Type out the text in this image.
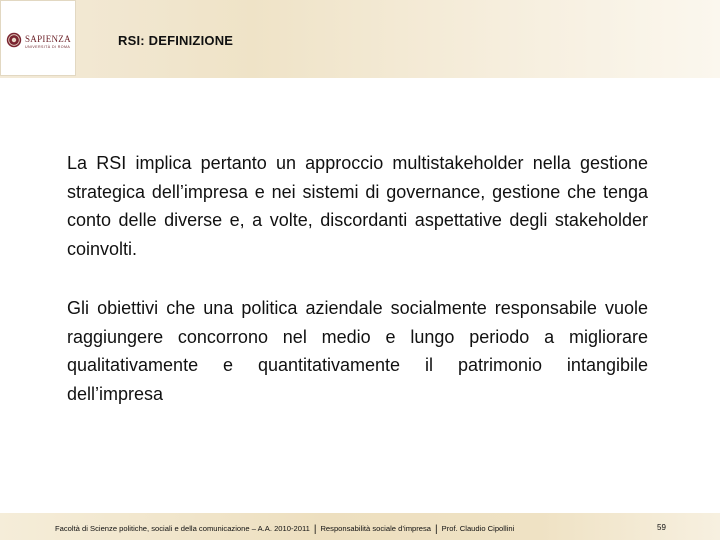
SAPIENZA
UNIVERSITÀ DI ROMA	RSI: DEFINIZIONE
La RSI implica pertanto un approccio multistakeholder nella gestione strategica dell’impresa e nei sistemi di governance, gestione che tenga conto delle diverse e, a volte, discordanti aspettative degli stakeholder coinvolti.
Gli obiettivi che una politica aziendale socialmente responsabile vuole raggiungere concorrono nel medio e lungo periodo a migliorare qualitativamente e quantitativamente il patrimonio intangibile dell’impresa
Facoltà di Scienze politiche, sociali e della comunicazione – A.A. 2010-2011 | Responsabilità sociale d’impresa | Prof. Claudio Cipollini	59
